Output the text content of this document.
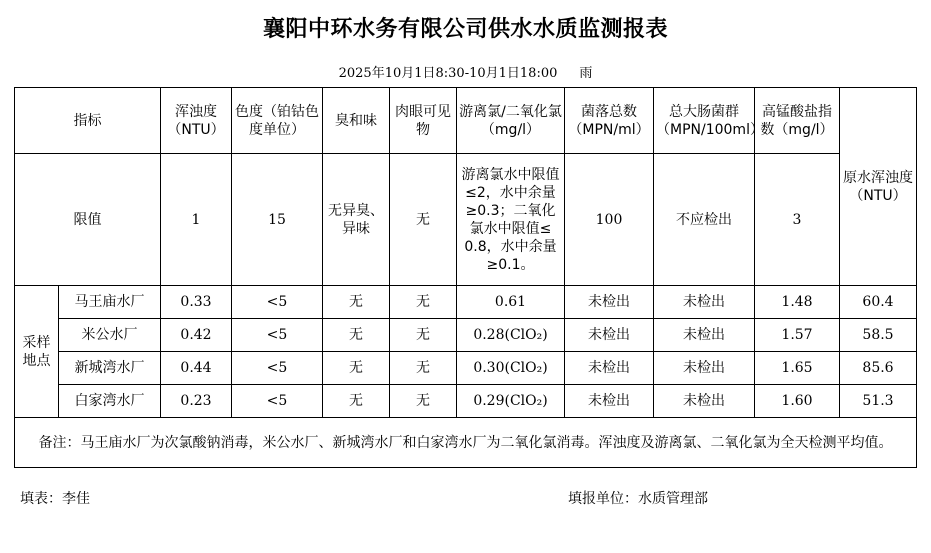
襄阳中环水务有限公司供水水质监测报表
2025年10月1日8:30-10月1日18:00 雨
指标		浑浊度（NTU）	色度（铂钴色度单位）	臭和味	肉眼可见物	游离氯/二氧化氯（mg/l）	菌落总数（MPN/ml）	总大肠菌群（MPN/100ml）	高锰酸盐指数（mg/l）	原水浑浊度（NTU）
限值		1	15	无异臭、异味	无	游离氯水中限值 ≤2，水中余量≥0.3；二氧化氯水中限值≤ 0.8，水中余量≥0.1。	100	不应检出	3	
采样地点	马王庙水厂	0.33	<5	无	无	0.61	未检出	未检出	1.48	60.4
	米公水厂	0.42	<5	无	无	0.28(ClO₂)	未检出	未检出	1.57	58.5
	新城湾水厂	0.44	<5	无	无	0.30(ClO₂)	未检出	未检出	1.65	85.6
	白家湾水厂	0.23	<5	无	无	0.29(ClO₂)	未检出	未检出	1.60	51.3
备注：马王庙水厂为次氯酸钠消毒，米公水厂、新城湾水厂和白家湾水厂为二氧化氯消毒。浑浊度及游离氯、二氧化氯为全天检测平均值。										
填表：李佳	填报单位：水质管理部
